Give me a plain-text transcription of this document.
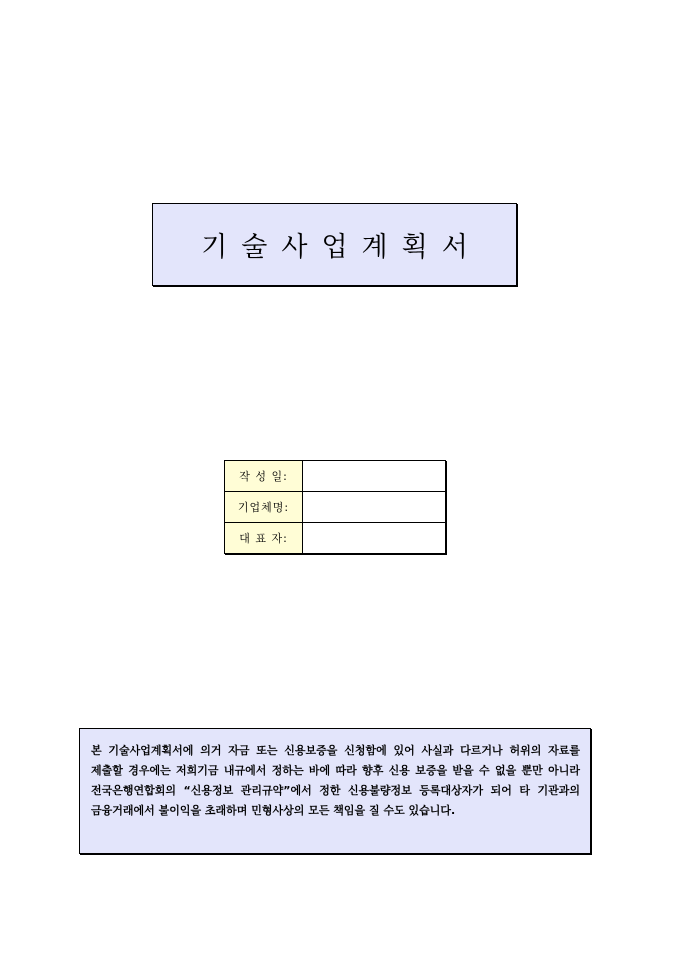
기술사업계획서
작 성 일:	
기업체명:	
대 표 자:	

본 기술사업계획서에 의거 자금 또는 신용보증을 신청함에 있어 사실과 다르거나 허위의 자료를 제출할 경우에는 저희기금 내규에서 정하는 바에 따라 향후 신용 보증을 받을 수 없을 뿐만 아니라 전국은행연합회의 “신용정보 관리규약”에서 정한 신용불량정보 등록대상자가 되어 타 기관과의 금융거래에서 불이익을 초래하며 민형사상의 모든 책임을 질 수도 있습니다.
